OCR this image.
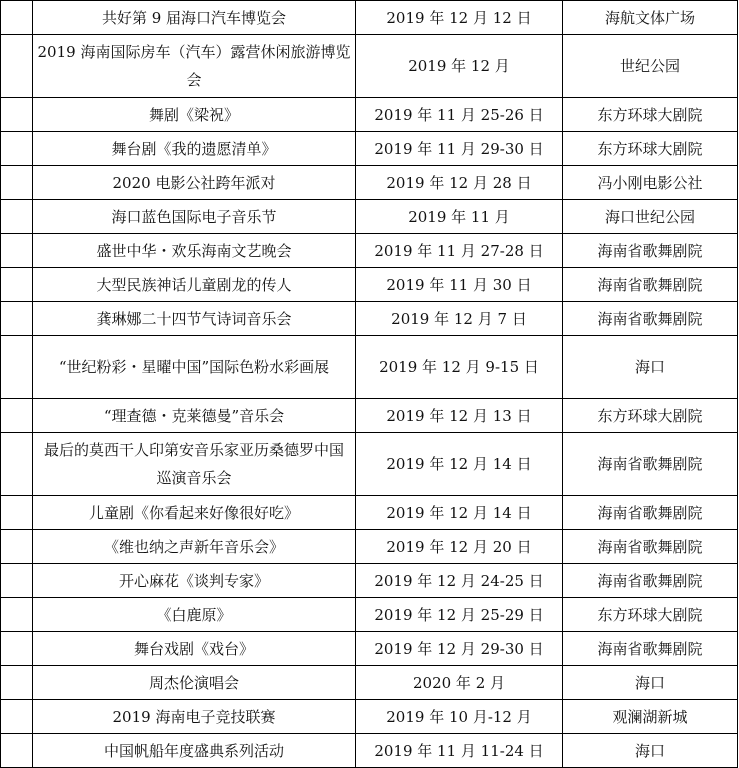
	共好第 9 届海口汽车博览会	2019 年 12 月 12 日	海航文体广场
	2019 海南国际房车（汽车）露营休闲旅游博览会	2019 年 12 月	世纪公园
	舞剧《梁祝》	2019 年 11 月 25-26 日	东方环球大剧院
	舞台剧《我的遗愿清单》	2019 年 11 月 29-30 日	东方环球大剧院
	2020 电影公社跨年派对	2019 年 12 月 28 日	冯小刚电影公社
	海口蓝色国际电子音乐节	2019 年 11 月	海口世纪公园
	盛世中华・欢乐海南文艺晚会	2019 年 11 月 27-28 日	海南省歌舞剧院
	大型民族神话儿童剧龙的传人	2019 年 11 月 30 日	海南省歌舞剧院
	龚琳娜二十四节气诗词音乐会	2019 年 12 月 7 日	海南省歌舞剧院
	“世纪粉彩・星曜中国”国际色粉水彩画展	2019 年 12 月 9-15 日	海口
	“理查德・克莱德曼”音乐会	2019 年 12 月 13 日	东方环球大剧院
	最后的莫西干人印第安音乐家亚历桑德罗中国巡演音乐会	2019 年 12 月 14 日	海南省歌舞剧院
	儿童剧《你看起来好像很好吃》	2019 年 12 月 14 日	海南省歌舞剧院
	《维也纳之声新年音乐会》	2019 年 12 月 20 日	海南省歌舞剧院
	开心麻花《谈判专家》	2019 年 12 月 24-25 日	海南省歌舞剧院
	《白鹿原》	2019 年 12 月 25-29 日	东方环球大剧院
	舞台戏剧《戏台》	2019 年 12 月 29-30 日	海南省歌舞剧院
	周杰伦演唱会	2020 年 2 月	海口
	2019 海南电子竞技联赛	2019 年 10 月-12 月	观澜湖新城
	中国帆船年度盛典系列活动	2019 年 11 月 11-24 日	海口
